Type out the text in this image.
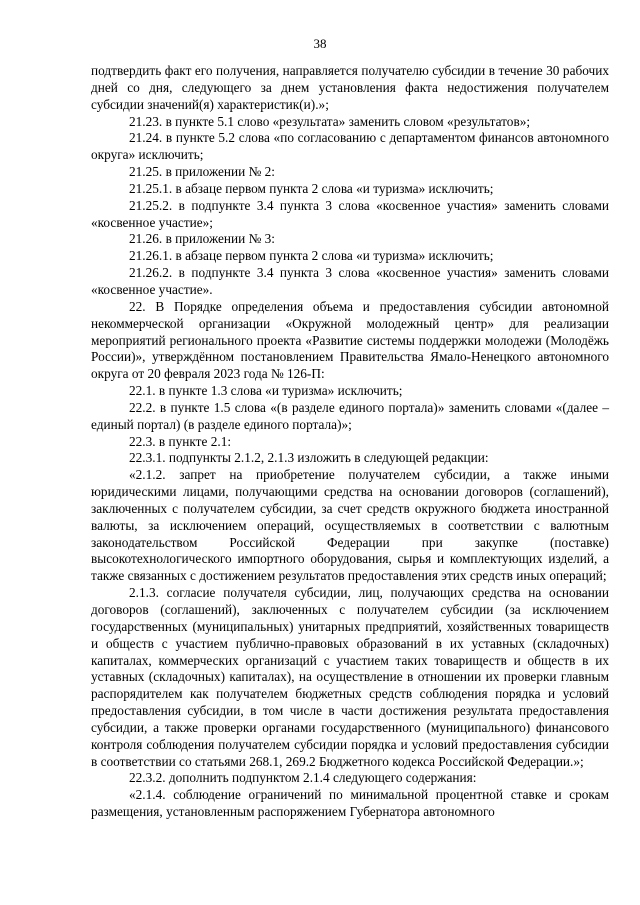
38

подтвердить факт его получения, направляется получателю субсидии в течение 30 рабочих дней со дня, следующего за днем установления факта недостижения получателем субсидии значений(я) характеристик(и).»;

21.23. в пункте 5.1 слово «результата» заменить словом «результатов»;

21.24. в пункте 5.2 слова «по согласованию с департаментом финансов автономного округа» исключить;

21.25. в приложении № 2:

21.25.1. в абзаце первом пункта 2 слова «и туризма» исключить;

21.25.2. в подпункте 3.4 пункта 3 слова «косвенное участия» заменить словами «косвенное участие»;

21.26. в приложении № 3:

21.26.1. в абзаце первом пункта 2 слова «и туризма» исключить;

21.26.2. в подпункте 3.4 пункта 3 слова «косвенное участия» заменить словами «косвенное участие».

22. В Порядке определения объема и предоставления субсидии автономной некоммерческой организации «Окружной молодежный центр» для реализации мероприятий регионального проекта «Развитие системы поддержки молодежи (Молодёжь России)», утверждённом постановлением Правительства Ямало-Ненецкого автономного округа от 20 февраля 2023 года № 126-П:

22.1. в пункте 1.3 слова «и туризма» исключить;

22.2. в пункте 1.5 слова «(в разделе единого портала)» заменить словами «(далее – единый портал) (в разделе единого портала)»;

22.3. в пункте 2.1:

22.3.1. подпункты 2.1.2, 2.1.3 изложить в следующей редакции:

«2.1.2. запрет на приобретение получателем субсидии, а также иными юридическими лицами, получающими средства на основании договоров (соглашений), заключенных с получателем субсидии, за счет средств окружного бюджета иностранной валюты, за исключением операций, осуществляемых в соответствии с валютным законодательством Российской Федерации при закупке (поставке) высокотехнологического импортного оборудования, сырья и комплектующих изделий, а также связанных с достижением результатов предоставления этих средств иных операций;

2.1.3. согласие получателя субсидии, лиц, получающих средства на основании договоров (соглашений), заключенных с получателем субсидии (за исключением государственных (муниципальных) унитарных предприятий, хозяйственных товариществ и обществ с участием публично-правовых образований в их уставных (складочных) капиталах, коммерческих организаций с участием таких товариществ и обществ в их уставных (складочных) капиталах), на осуществление в отношении их проверки главным распорядителем как получателем бюджетных средств соблюдения порядка и условий предоставления субсидии, в том числе в части достижения результата предоставления субсидии, а также проверки органами государственного (муниципального) финансового контроля соблюдения получателем субсидии порядка и условий предоставления субсидии в соответствии со статьями 268.1, 269.2 Бюджетного кодекса Российской Федерации.»;

22.3.2. дополнить подпунктом 2.1.4 следующего содержания:

«2.1.4. соблюдение ограничений по минимальной процентной ставке и срокам размещения, установленным распоряжением Губернатора автономного
